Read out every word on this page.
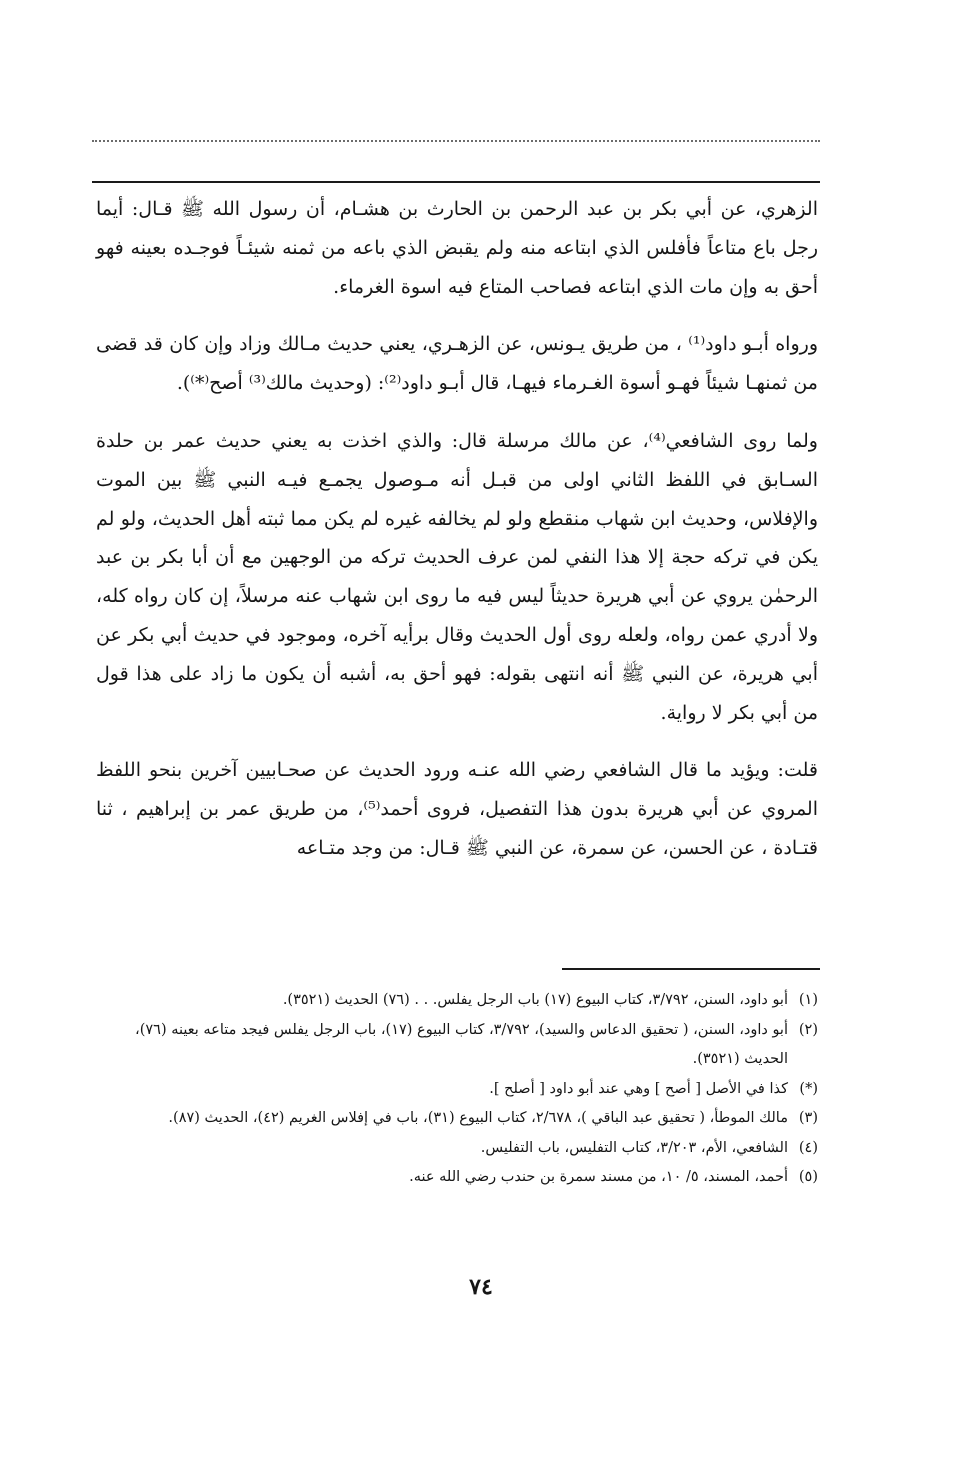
الزهري، عن أبي بكر بن عبد الرحمن بن الحارث بن هشـام، أن رسول الله ﷺ قـال: أيما رجل باع متاعاً فأفلس الذي ابتاعه منه ولم يقبض الذي باعه من ثمنه شيئـاً فوجـده بعينه فهو أحق به وإن مات الذي ابتاعه فصاحب المتاع فيه اسوة الغرماء.

ورواه أبـو داود⁽¹⁾ ، من طريق يـونس، عن الزهـري، يعني حديث مـالك وزاد وإن كان قد قضى من ثمنهـا شيئاً فهـو أسوة الغـرماء فيهـا، قال أبـو داود⁽²⁾: (وحديث مالك⁽³⁾ أصح⁽*⁾).

ولما روى الشافعي⁽⁴⁾، عن مالك مرسلة قال: والذي اخذت به يعني حديث عمر بن حلدة السـابق في اللفظ الثاني اولى من قبـل أنه مـوصول يجمـع فيـه النبي ﷺ بين الموت والإفلاس، وحديث ابن شهاب منقطع ولو لم يخالفه غيره لم يكن مما ثبته أهل الحديث، ولو لم يكن في تركه حجة إلا هذا النفي لمن عرف الحديث تركه من الوجهين مع أن أبا بكر بن عبد الرحمٰن يروي عن أبي هريرة حديثاً ليس فيه ما روى ابن شهاب عنه مرسلاً، إن كان رواه كله، ولا أدري عمن رواه، ولعله روى أول الحديث وقال برأيه آخره، وموجود في حديث أبي بكر عن أبي هريرة، عن النبي ﷺ أنه انتهى بقوله: فهو أحق به، أشبه أن يكون ما زاد على هذا قول من أبي بكر لا رواية.

قلت: ويؤيد ما قال الشافعي رضي الله عنـه ورود الحديث عن صحـابيين آخرين بنحو اللفظ المروي عن أبي هريرة بدون هذا التفصيل، فروى أحمد⁽⁵⁾، من طريق عمر بن إبراهيم ، ثنا قتـادة ، عن الحسن، عن سمرة، عن النبي ﷺ قـال: من وجد متـاعه

(١)أبو داود، السنن، ٣/٧٩٢، كتاب البيوع (١٧) باب الرجل يفلس. . . (٧٦) الحديث (٣٥٢١).
(٢)أبو داود، السنن، ( تحقيق الدعاس والسيد)، ٣/٧٩٢، كتاب البيوع (١٧)، باب الرجل يفلس فيجد متاعه بعينه (٧٦)، الحديث (٣٥٢١).
(*)كذا في الأصل [ أصح ] وهي عند أبو داود [ أصلح ].
(٣)مالك الموطأ، ( تحقيق عبد الباقي )، ٢/٦٧٨، كتاب البيوع (٣١)، باب في إفلاس الغريم (٤٢)، الحديث (٨٧).
(٤)الشافعي، الأم، ٣/٢٠٣، كتاب التفليس، باب التفليس.
(٥)أحمد، المسند، ٥/ ١٠، من مسند سمرة بن حندب رضي الله عنه.
٧٤
